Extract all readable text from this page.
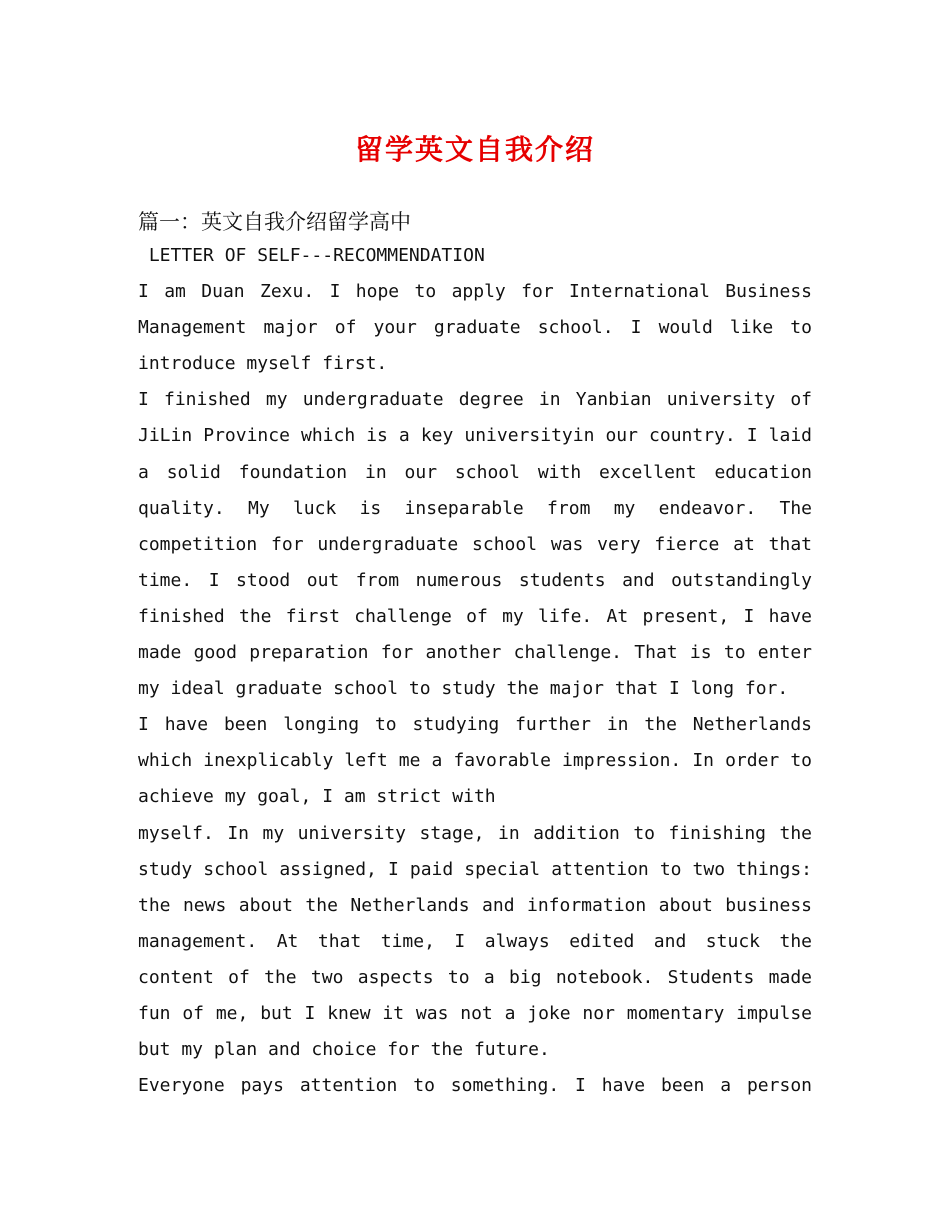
留学英文自我介绍
篇一：英文自我介绍留学高中
LETTER OF SELF---RECOMMENDATION
I am Duan Zexu. I hope to apply for International Business
Management major of your graduate school. I would like to
introduce myself first.
I finished my undergraduate degree in Yanbian university of
JiLin Province which is a key universityin our country. I laid
a solid foundation in our school with excellent education
quality. My luck is inseparable from my endeavor. The
competition for undergraduate school was very fierce at that
time. I stood out from numerous students and outstandingly
finished the first challenge of my life. At present, I have
made good preparation for another challenge. That is to enter
my ideal graduate school to study the major that I long for.
I have been longing to studying further in the Netherlands
which inexplicably left me a favorable impression. In order to
achieve my goal, I am strict with
myself. In my university stage, in addition to finishing the
study school assigned, I paid special attention to two things:
the news about the Netherlands and information about business
management. At that time, I always edited and stuck the
content of the two aspects to a big notebook. Students made
fun of me, but I knew it was not a joke nor momentary impulse
but my plan and choice for the future.
Everyone pays attention to something. I have been a person
